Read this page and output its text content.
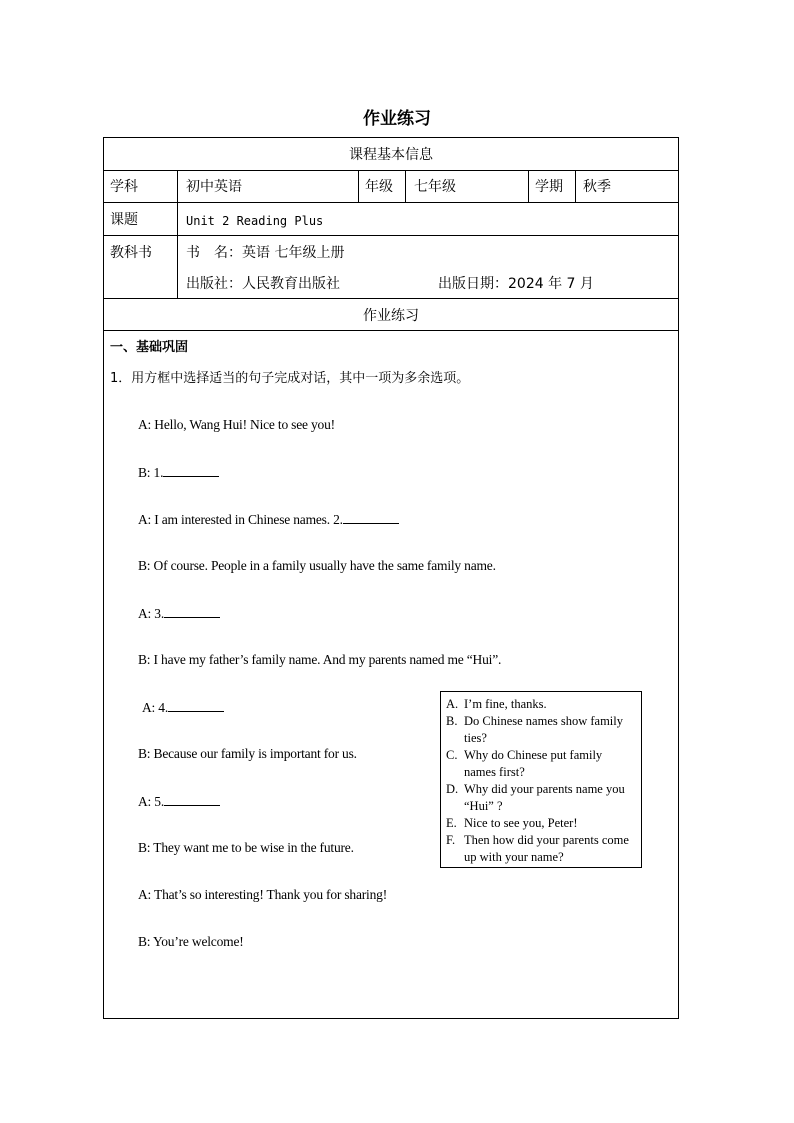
作业练习
课程基本信息
学科	初中英语	年级 七年级	学期 秋季
课题	Unit 2 Reading Plus
教科书 书　名：英语 七年级上册
出版社：人民教育出版社	出版日期：2024 年 7 月
作业练习
一、基础巩固
1．用方框中选择适当的句子完成对话，其中一项为多余选项。
A: Hello, Wang Hui! Nice to see you!
B: 1.
A: I am interested in Chinese names. 2.
B: Of course. People in a family usually have the same family name.
A: 3.
B: I have my father’s family name. And my parents named me “Hui”.
A: 4.
B: Because our family is important for us.
A: 5.
B: They want me to be wise in the future.
A: That’s so interesting! Thank you for sharing!
B: You’re welcome!
A. I’m fine, thanks.
B. Do Chinese names show family ties?
C. Why do Chinese put family names first?
D. Why did your parents name you “Hui” ?
E. Nice to see you, Peter!
F. Then how did your parents come up with your name?
